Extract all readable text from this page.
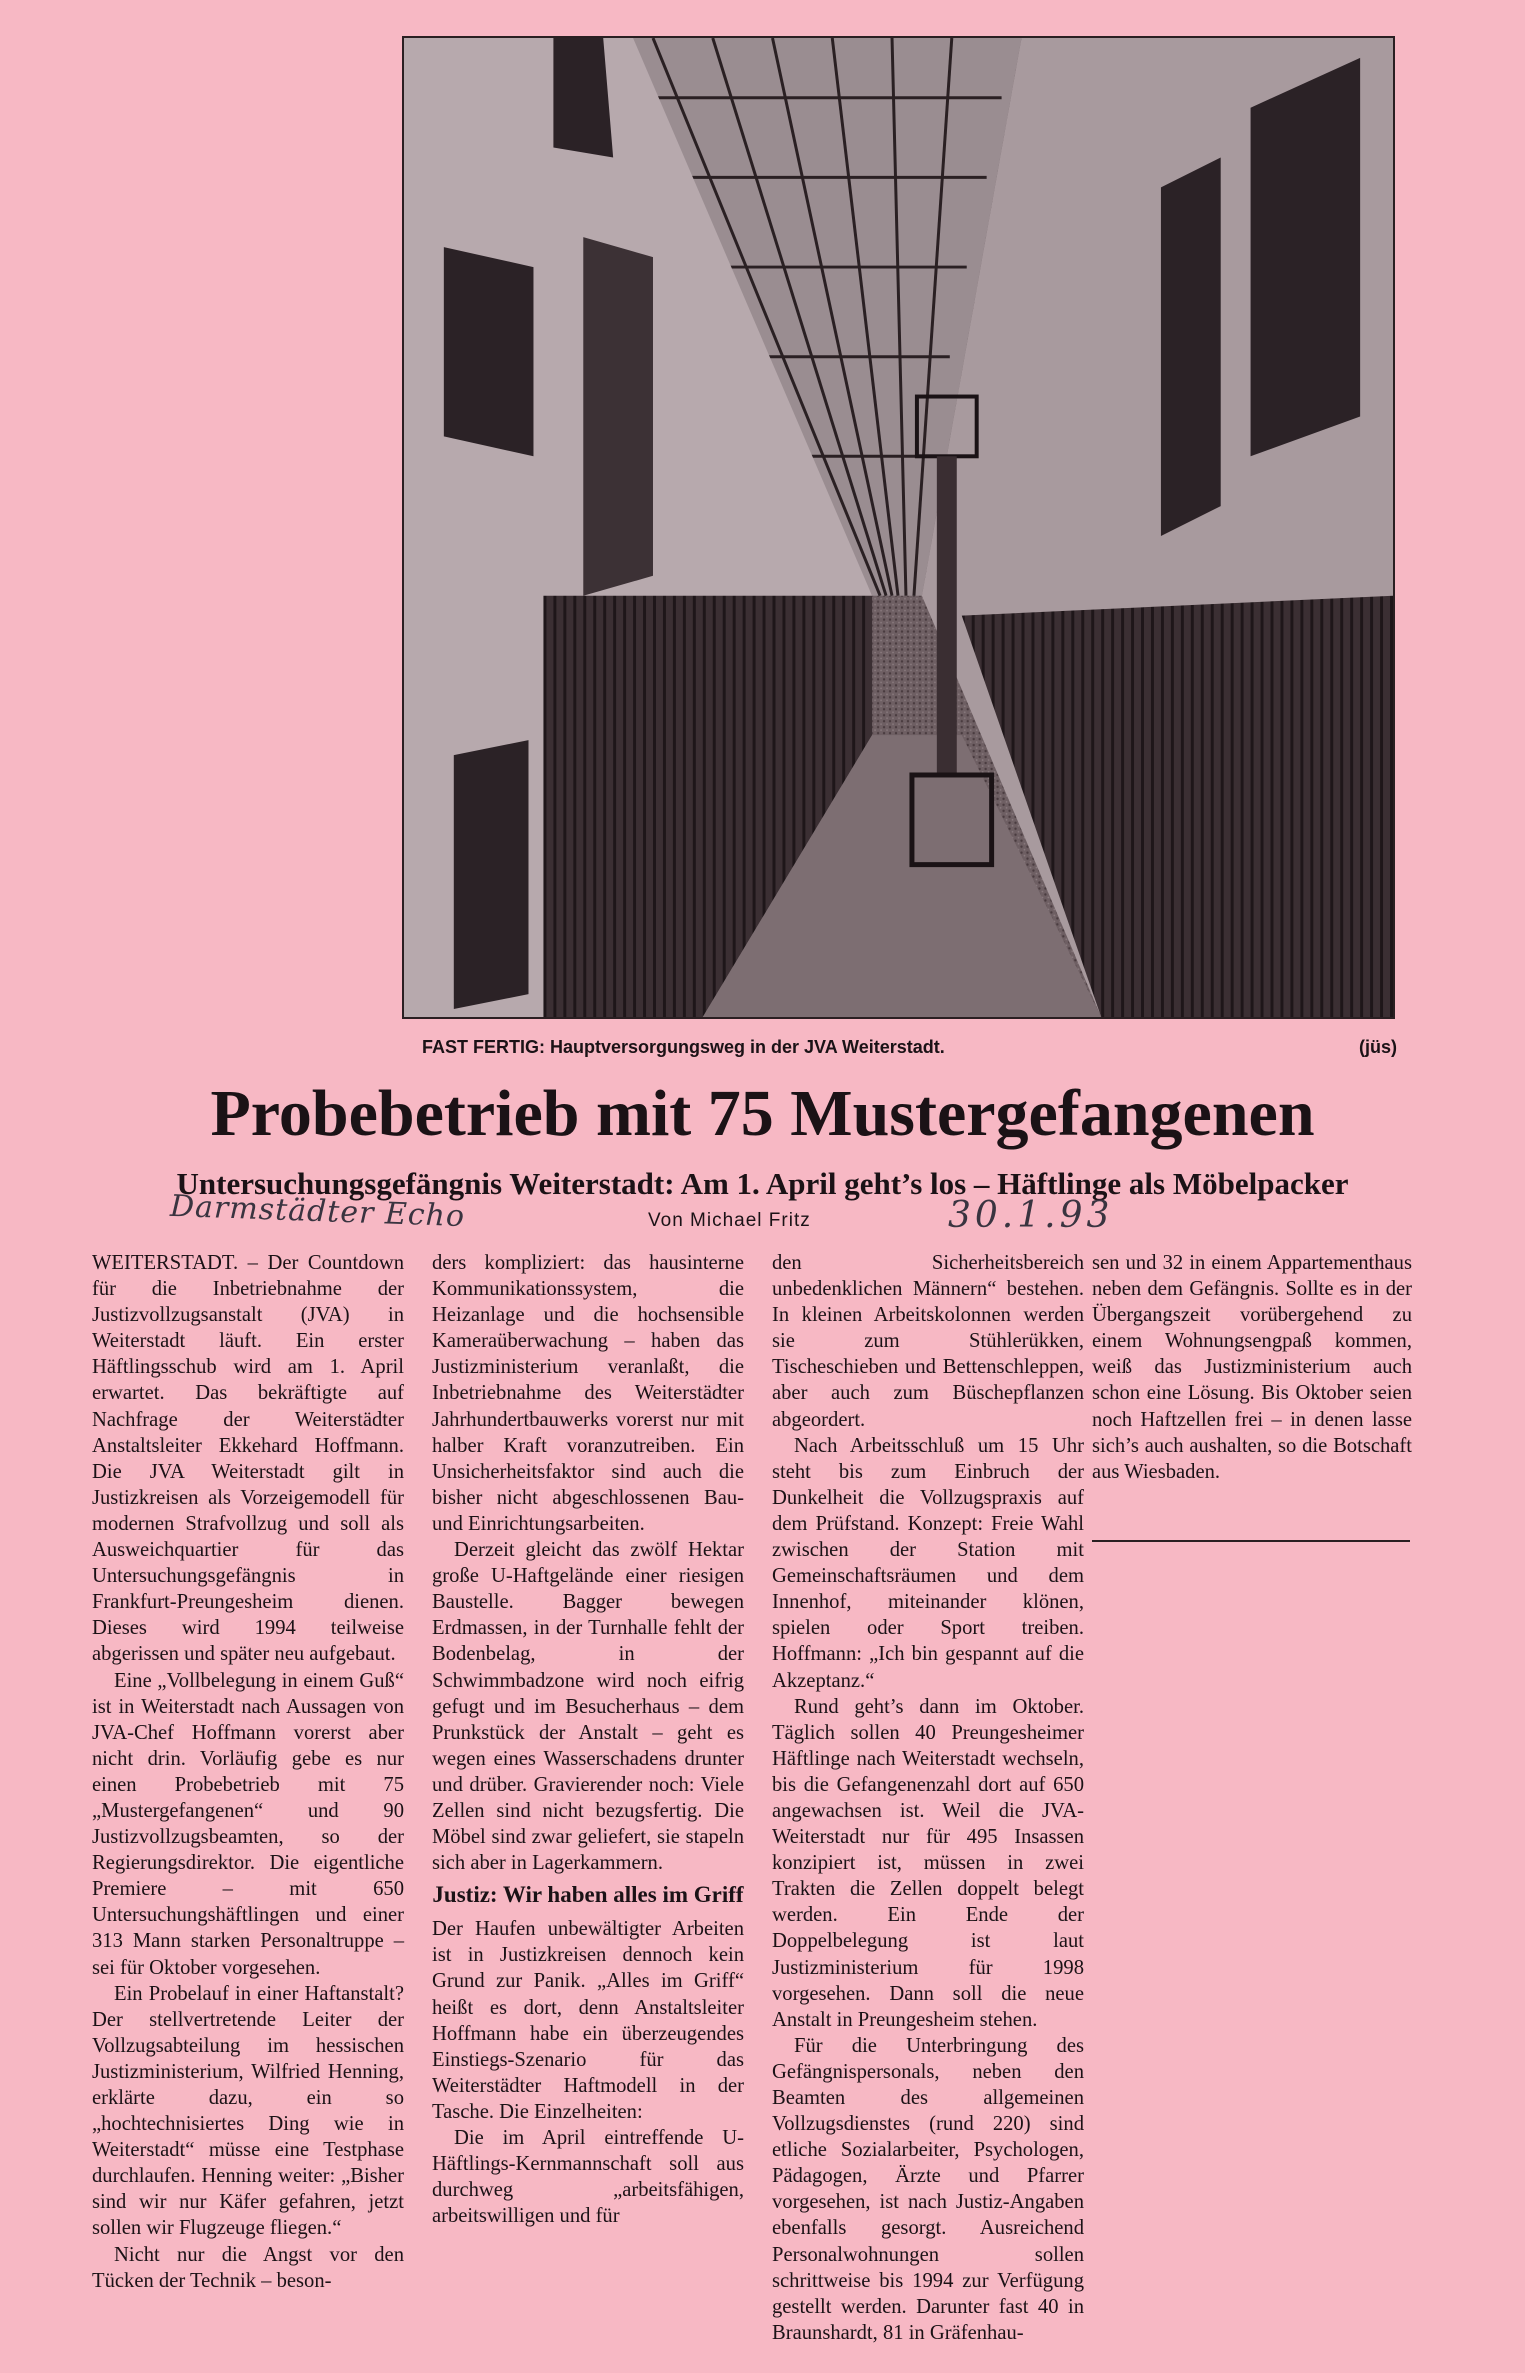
FAST FERTIG: Hauptversorgungsweg in der JVA Weiterstadt.	(jüs)
Probebetrieb mit 75 Mustergefangenen
Untersuchungsgefängnis Weiterstadt: Am 1. April geht’s los – Häftlinge als Möbelpacker
Darmstädter Echo	Von Michael Fritz	30.1.93

WEITERSTADT. – Der Countdown für die Inbetriebnahme der Justizvollzugsanstalt (JVA) in Weiterstadt läuft. Ein erster Häftlingsschub wird am 1. April erwartet. Das bekräftigte auf Nachfrage der Weiterstädter Anstaltsleiter Ekkehard Hoffmann. Die JVA Weiterstadt gilt in Justizkreisen als Vorzeigemodell für modernen Strafvollzug und soll als Ausweichquartier für das Untersuchungsgefängnis in Frankfurt-Preungesheim dienen. Dieses wird 1994 teilweise abgerissen und später neu aufgebaut.

Eine „Vollbelegung in einem Guß“ ist in Weiterstadt nach Aussagen von JVA-Chef Hoffmann vorerst aber nicht drin. Vorläufig gebe es nur einen Probebetrieb mit 75 „Mustergefangenen“ und 90 Justizvollzugsbeamten, so der Regierungsdirektor. Die eigentliche Premiere – mit 650 Untersuchungshäftlingen und einer 313 Mann starken Personaltruppe – sei für Oktober vorgesehen.

Ein Probelauf in einer Haftanstalt? Der stellvertretende Leiter der Vollzugsabteilung im hessischen Justizministerium, Wilfried Henning, erklärte dazu, ein so „hochtechnisiertes Ding wie in Weiterstadt“ müsse eine Testphase durchlaufen. Henning weiter: „Bisher sind wir nur Käfer gefahren, jetzt sollen wir Flugzeuge fliegen.“

Nicht nur die Angst vor den Tücken der Technik – beson-

ders kompliziert: das hausinterne Kommunikationssystem, die Heizanlage und die hochsensible Kameraüberwachung – haben das Justizministerium veranlaßt, die Inbetriebnahme des Weiterstädter Jahrhundertbauwerks vorerst nur mit halber Kraft voranzutreiben. Ein Unsicherheitsfaktor sind auch die bisher nicht abgeschlossenen Bau- und Einrichtungsarbeiten.

Derzeit gleicht das zwölf Hektar große U-Haftgelände einer riesigen Baustelle. Bagger bewegen Erdmassen, in der Turnhalle fehlt der Bodenbelag, in der Schwimmbadzone wird noch eifrig gefugt und im Besucherhaus – dem Prunkstück der Anstalt – geht es wegen eines Wasserschadens drunter und drüber. Gravierender noch: Viele Zellen sind nicht bezugsfertig. Die Möbel sind zwar geliefert, sie stapeln sich aber in Lagerkammern.

Justiz: Wir haben alles im Griff

Der Haufen unbewältigter Arbeiten ist in Justizkreisen dennoch kein Grund zur Panik. „Alles im Griff“ heißt es dort, denn Anstaltsleiter Hoffmann habe ein überzeugendes Einstiegs-Szenario für das Weiterstädter Haftmodell in der Tasche. Die Einzelheiten:

Die im April eintreffende U-Häftlings-Kernmannschaft soll aus durchweg „arbeitsfähigen, arbeitswilligen und für

den Sicherheitsbereich unbedenklichen Männern“ bestehen. In kleinen Arbeitskolonnen werden sie zum Stühlerükken, Tischeschieben und Bettenschleppen, aber auch zum Büschepflanzen abgeordert.

Nach Arbeitsschluß um 15 Uhr steht bis zum Einbruch der Dunkelheit die Vollzugspraxis auf dem Prüfstand. Konzept: Freie Wahl zwischen der Station mit Gemeinschaftsräumen und dem Innenhof, miteinander klönen, spielen oder Sport treiben. Hoffmann: „Ich bin gespannt auf die Akzeptanz.“

Rund geht’s dann im Oktober. Täglich sollen 40 Preungesheimer Häftlinge nach Weiterstadt wechseln, bis die Gefangenenzahl dort auf 650 angewachsen ist. Weil die JVA-Weiterstadt nur für 495 Insassen konzipiert ist, müssen in zwei Trakten die Zellen doppelt belegt werden. Ein Ende der Doppelbelegung ist laut Justizministerium für 1998 vorgesehen. Dann soll die neue Anstalt in Preungesheim stehen.

Für die Unterbringung des Gefängnispersonals, neben den Beamten des allgemeinen Vollzugsdienstes (rund 220) sind etliche Sozialarbeiter, Psychologen, Pädagogen, Ärzte und Pfarrer vorgesehen, ist nach Justiz-Angaben ebenfalls gesorgt. Ausreichend Personalwohnungen sollen schrittweise bis 1994 zur Verfügung gestellt werden. Darunter fast 40 in Braunshardt, 81 in Gräfenhau-

sen und 32 in einem Appartementhaus neben dem Gefängnis. Sollte es in der Übergangszeit vorübergehend zu einem Wohnungsengpaß kommen, weiß das Justizministerium auch schon eine Lösung. Bis Oktober seien noch Haftzellen frei – in denen lasse sich’s auch aushalten, so die Botschaft aus Wiesbaden.
